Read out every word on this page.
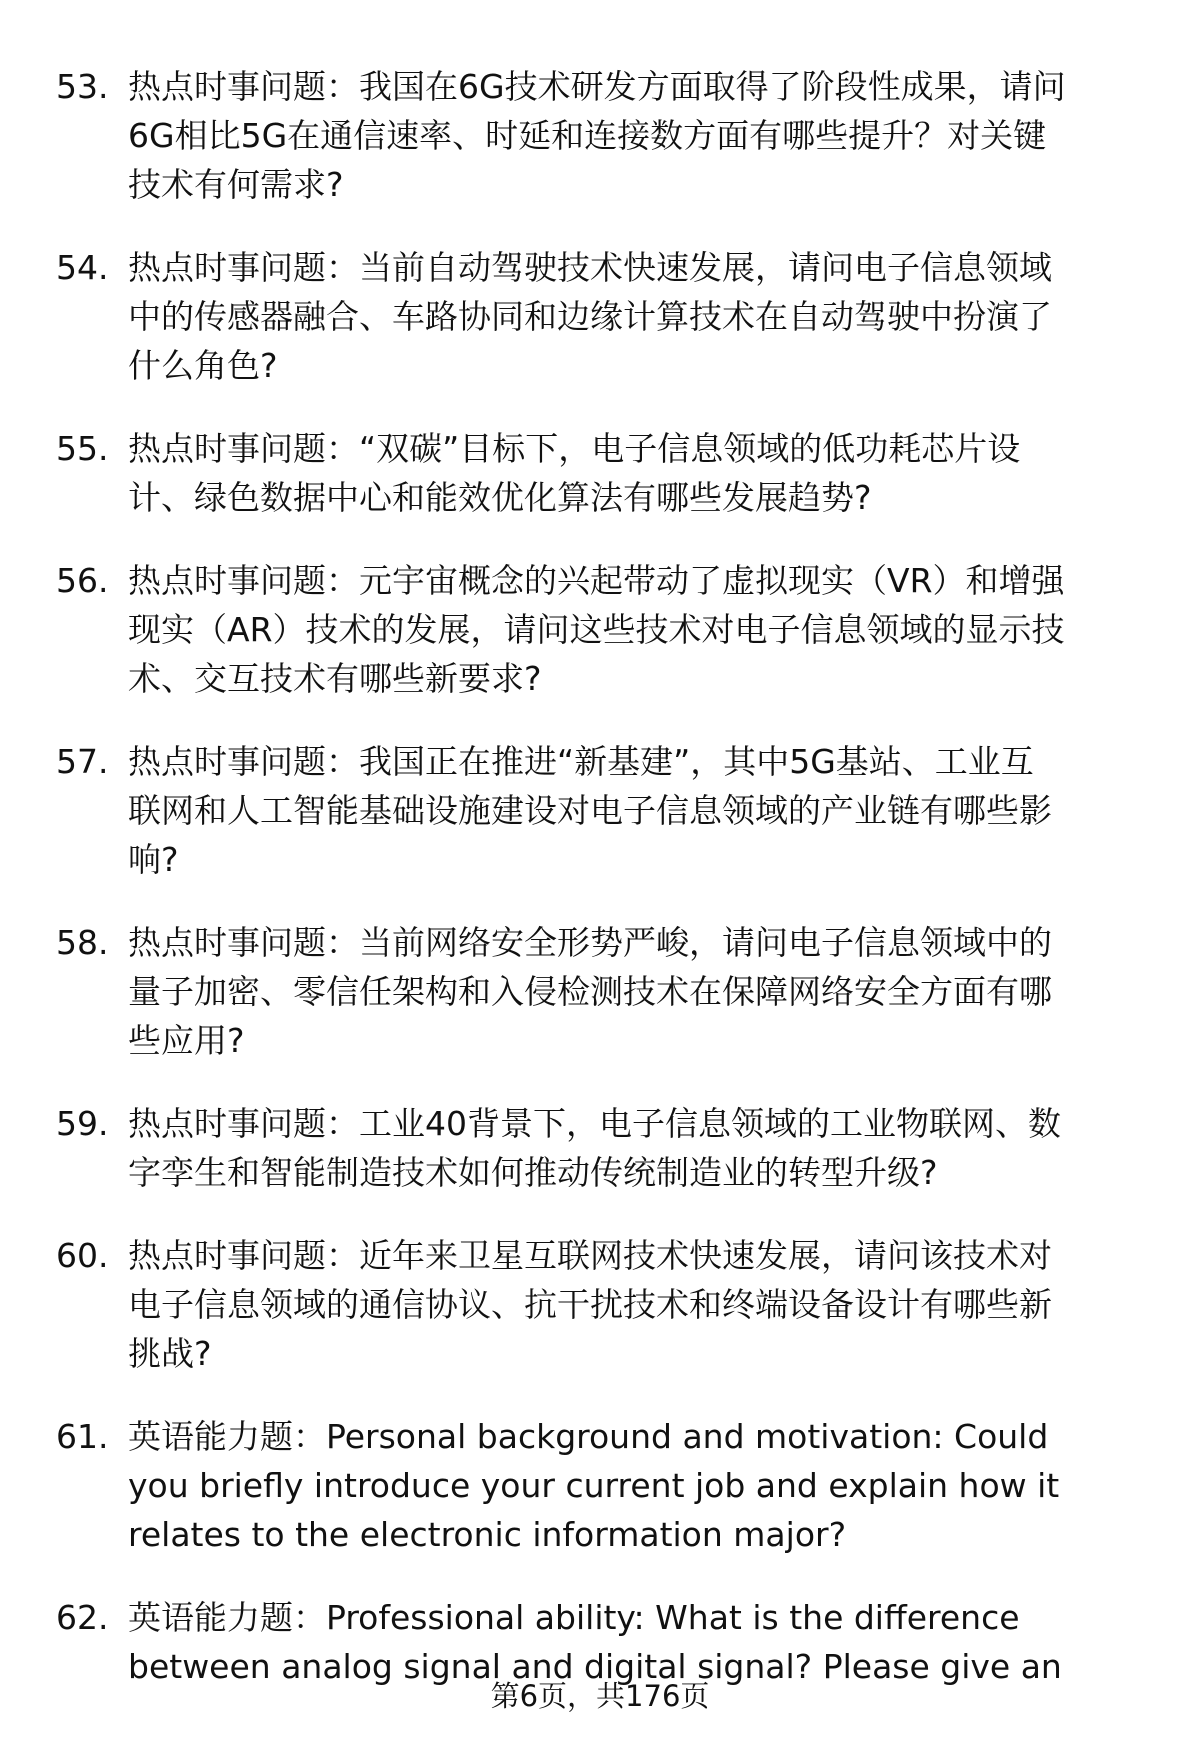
53. 热点时事问题：我国在6G技术研发方面取得了阶段性成果，请问
6G相比5G在通信速率、时延和连接数方面有哪些提升？对关键
技术有何需求?
54. 热点时事问题：当前自动驾驶技术快速发展，请问电子信息领域
中的传感器融合、车路协同和边缘计算技术在自动驾驶中扮演了
什么角色?
55. 热点时事问题：“双碳”目标下，电子信息领域的低功耗芯片设
计、绿色数据中心和能效优化算法有哪些发展趋势?
56. 热点时事问题：元宇宙概念的兴起带动了虚拟现实（VR）和增强
现实（AR）技术的发展，请问这些技术对电子信息领域的显示技
术、交互技术有哪些新要求?
57. 热点时事问题：我国正在推进“新基建”，其中5G基站、工业互
联网和人工智能基础设施建设对电子信息领域的产业链有哪些影
响?
58. 热点时事问题：当前网络安全形势严峻，请问电子信息领域中的
量子加密、零信任架构和入侵检测技术在保障网络安全方面有哪
些应用?
59. 热点时事问题：工业40背景下，电子信息领域的工业物联网、数
字孪生和智能制造技术如何推动传统制造业的转型升级?
60. 热点时事问题：近年来卫星互联网技术快速发展，请问该技术对
电子信息领域的通信协议、抗干扰技术和终端设备设计有哪些新
挑战?
61. 英语能力题：Personal background and motivation: Could
you briefly introduce your current job and explain how it
relates to the electronic information major?
62. 英语能力题：Professional ability: What is the difference
between analog signal and digital signal? Please give an
第6页，共176页
